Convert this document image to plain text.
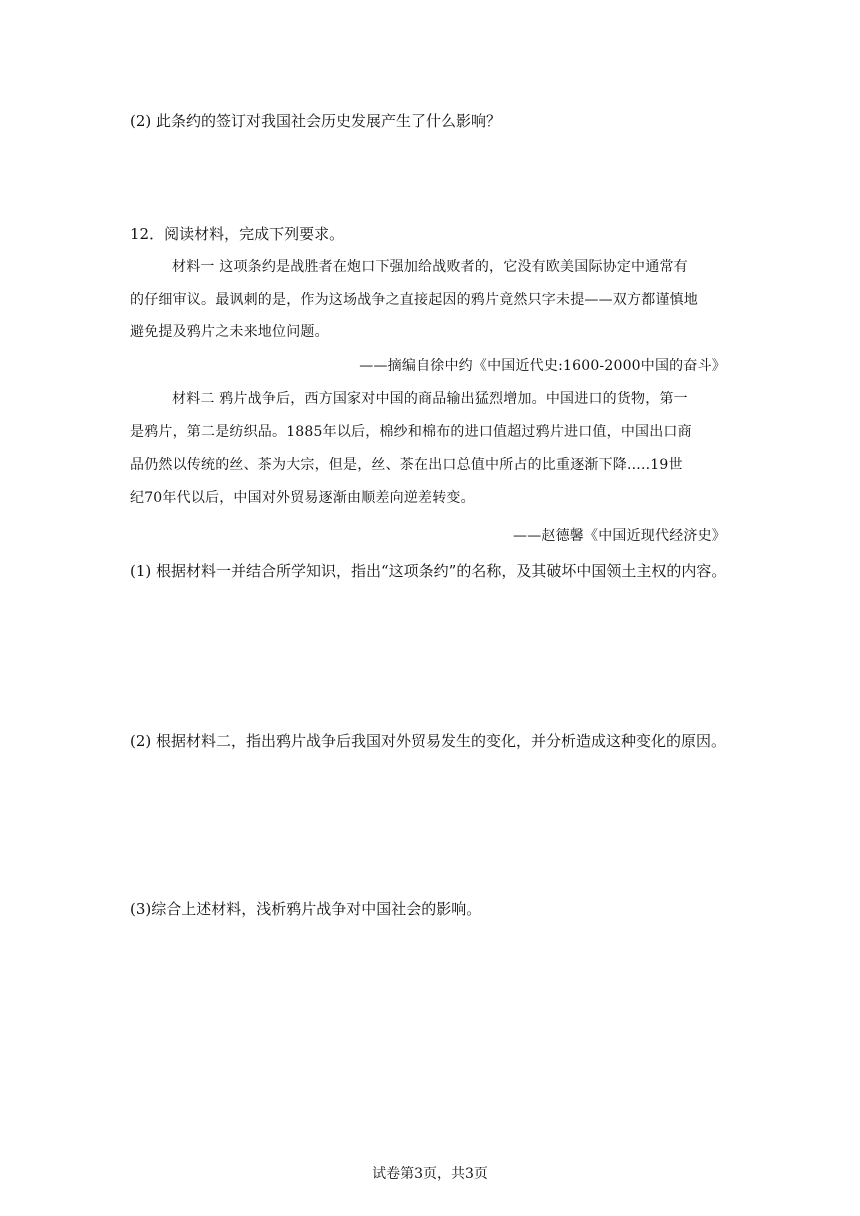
(2) 此条约的签订对我国社会历史发展产生了什么影响？
12．阅读材料，完成下列要求。
材料一 这项条约是战胜者在炮口下强加给战败者的，它没有欧美国际协定中通常有
的仔细审议。最讽刺的是，作为这场战争之直接起因的鸦片竟然只字未提——双方都谨慎地
避免提及鸦片之未来地位问题。
——摘编自徐中约《中国近代史:1600-2000中国的奋斗》
材料二 鸦片战争后，西方国家对中国的商品输出猛烈增加。中国进口的货物，第一
是鸦片，第二是纺织品。1885年以后，棉纱和棉布的进口值超过鸦片进口值，中国出口商
品仍然以传统的丝、茶为大宗，但是，丝、茶在出口总值中所占的比重逐渐下降.....19世
纪70年代以后，中国对外贸易逐渐由顺差向逆差转变。
——赵德馨《中国近现代经济史》
(1) 根据材料一并结合所学知识，指出“这项条约”的名称，及其破坏中国领土主权的内容。
(2) 根据材料二，指出鸦片战争后我国对外贸易发生的变化，并分析造成这种变化的原因。
(3)综合上述材料，浅析鸦片战争对中国社会的影响。
试卷第3页，共3页
